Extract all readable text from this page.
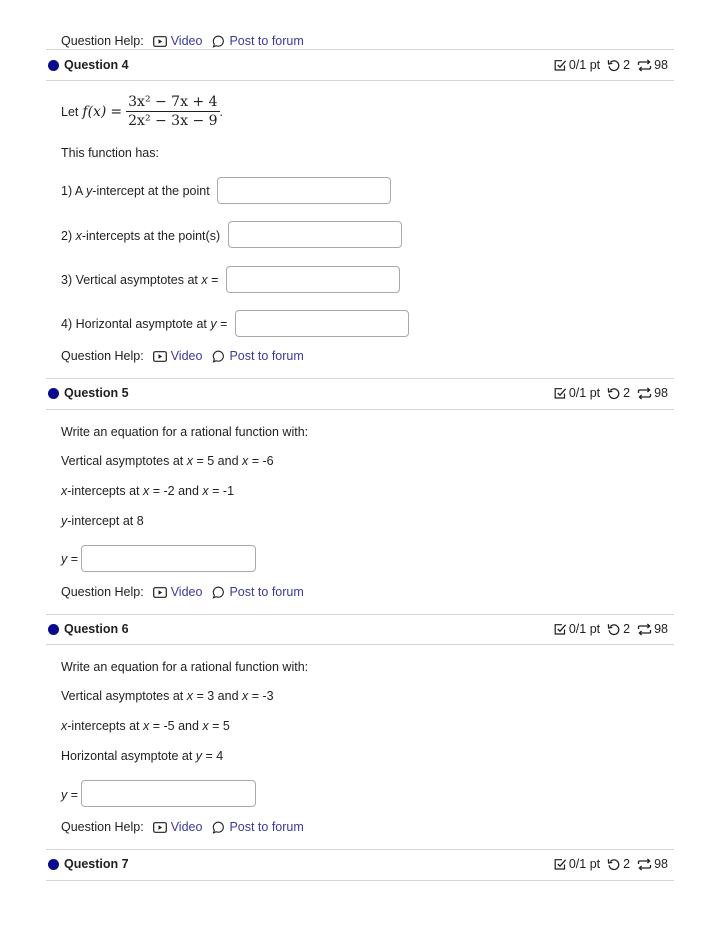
Question Help: Video Post to forum
Question 4	0/1 pt 2 98
Let $f(x) = \frac{\text{3x² − 7x + 4}}{\text{2x² − 3x − 9}}$ .
This function has:
1) A y-intercept at the point
2) x-intercepts at the point(s)
3) Vertical asymptotes at x =
4) Horizontal asymptote at y =
Question Help: Video Post to forum
Question 5	0/1 pt 2 98
Write an equation for a rational function with:
Vertical asymptotes at x = 5 and x = -6
x-intercepts at x = -2 and x = -1
y-intercept at 8
y =
Question Help: Video Post to forum
Question 6	0/1 pt 2 98
Write an equation for a rational function with:
Vertical asymptotes at x = 3 and x = -3
x-intercepts at x = -5 and x = 5
Horizontal asymptote at y = 4
y =
Question Help: Video Post to forum
Question 7	0/1 pt 2 98
